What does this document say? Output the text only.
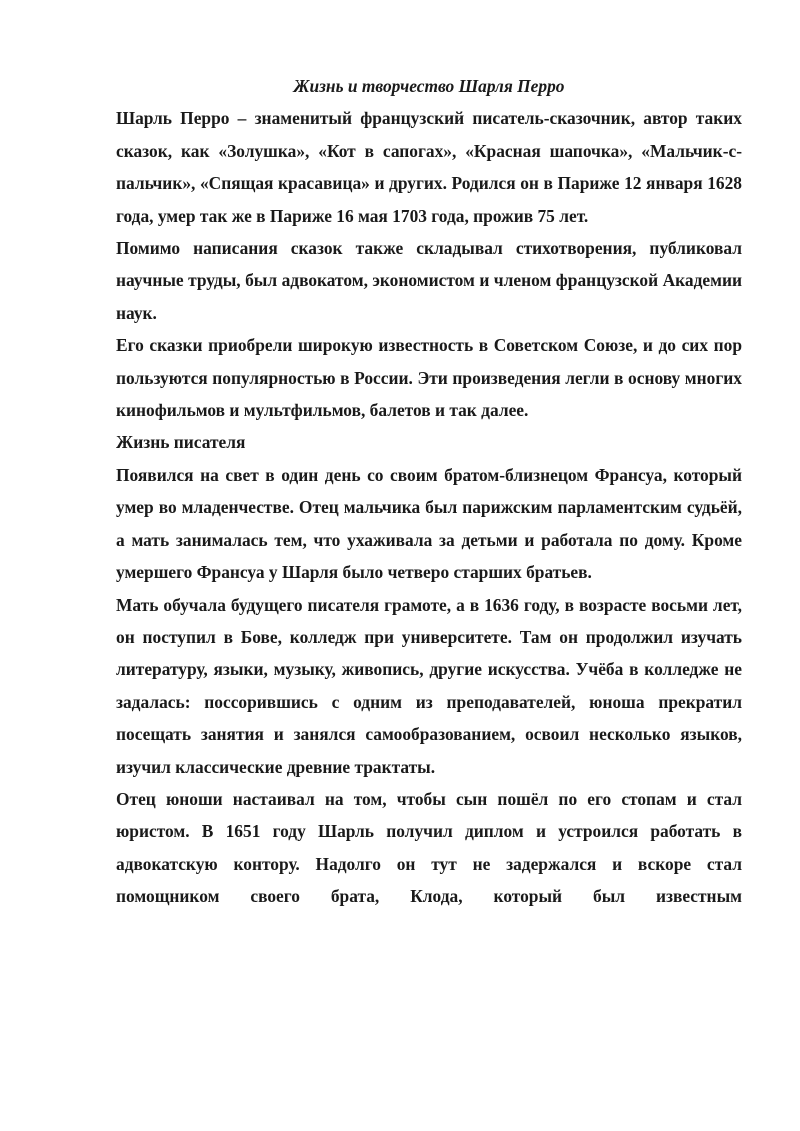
Жизнь и творчество Шарля Перро

Шарль Перро – знаменитый французский писатель-сказочник, автор таких сказок, как «Золушка», «Кот в сапогах», «Красная шапочка», «Мальчик-с-пальчик», «Спящая красавица» и других. Родился он в Париже 12 января 1628 года, умер так же в Париже 16 мая 1703 года, прожив 75 лет.

Помимо написания сказок также складывал стихотворения, публиковал научные труды, был адвокатом, экономистом и членом французской Академии наук.

Его сказки приобрели широкую известность в Советском Союзе, и до сих пор пользуются популярностью в России. Эти произведения легли в основу многих кинофильмов и мультфильмов, балетов и так далее.

Жизнь писателя

Появился на свет в один день со своим братом-близнецом Франсуа, который умер во младенчестве. Отец мальчика был парижским парламентским судьёй, а мать занималась тем, что ухаживала за детьми и работала по дому. Кроме умершего Франсуа у Шарля было четверо старших братьев.

Мать обучала будущего писателя грамоте, а в 1636 году, в возрасте восьми лет, он поступил в Бове, колледж при университете. Там он продолжил изучать литературу, языки, музыку, живопись, другие искусства. Учёба в колледже не задалась: поссорившись с одним из преподавателей, юноша прекратил посещать занятия и занялся самообразованием, освоил несколько языков, изучил классические древние трактаты.

Отец юноши настаивал на том, чтобы сын пошёл по его стопам и стал юристом. В 1651 году Шарль получил диплом и устроился работать в адвокатскую контору. Надолго он тут не задержался и вскоре стал помощником своего брата, Клода, который был известным
